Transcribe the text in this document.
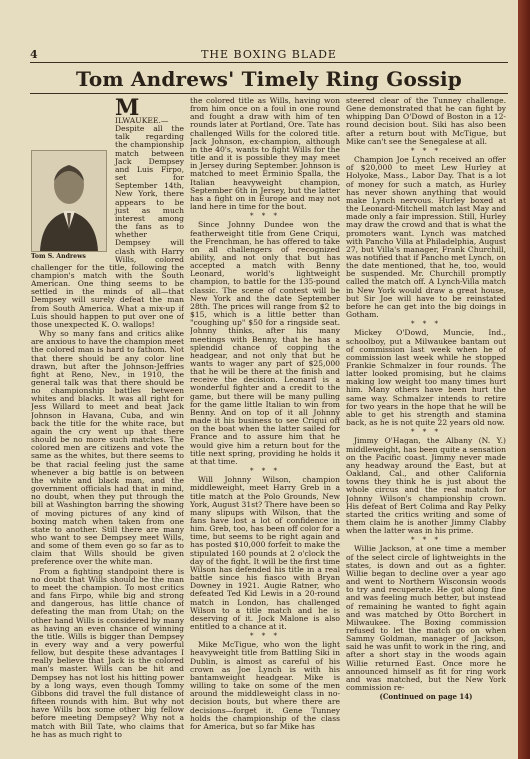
4	THE BOXING BLADE
Tom Andrews' Timely Ring Gossip

M
ILWAUKEE.—Despite all the talk regarding the championship match between Jack Dempsey and Luis Firpo, set for September 14th, New York, there appears to be just as much interest among the fans as to whether Dempsey will clash with Harry Wills, colored challenger for the title, following the champion's match with the South American. One thing seems to be settled in the minds of all—that Dempsey will surely defeat the man from South America. What a mix-up if Luis should happen to put over one of those unexpected K. O. wallops!

Why so many fans and critics alike are anxious to have the champion meet the colored man is hard to fathom. Not that there should be any color line drawn, but after the Johnson-Jeffries fight at Reno, Nev., in 1910, the general talk was that there should be no championship battles between whites and blacks. It was all right for Jess Willard to meet and beat Jack Johnson in Havana, Cuba, and win back the title for the white race, but again the cry went up that there should be no more such matches. The colored men are citizens and vote the same as the whites, but there seems to be that racial feeling just the same whenever a big battle is on between the white and black man, and the government officials had that in mind, no doubt, when they put through the bill at Washington barring the showing of moving pictures of any kind of boxing match when taken from one state to another. Still there are many who want to see Dempsey meet Wills, and some of them even go so far as to claim that Wills should be given preference over the white man.

From a fighting standpoint there is no doubt that Wills should be the man to meet the champion. To most critics and fans Firpo, while big and strong and dangerous, has little chance of defeating the man from Utah; on the other hand Wills is considered by many as having an even chance of winning the title. Wills is bigger than Dempsey in every way and a very powerful fellow, but despite these advantages I really believe that Jack is the colored man's master. Wills can be hit and Dempsey has not lost his hitting power by a long ways, even though Tommy Gibbons did travel the full distance of fifteen rounds with him. But why not have Wills box some other big fellow before meeting Dempsey? Why not a match with Bill Tate, who claims that he has as much right to

the colored title as Wills, having won from him once on a foul in one round and fought a draw with him of ten rounds later at Portland, Ore. Tate has challenged Wills for the colored title. Jack Johnson, ex-champion, although in the 40's, wants to fight Wills for the title and it is possible they may meet in Jersey during September. Johnson is matched to meet Erminio Spalla, the Italian heavyweight champion, September 6th in Jersey, but the latter has a fight on in Europe and may not land here in time for the bout.

* * *

Since Johnny Dundee won the featherweight title from Gene Criqui, the Frenchman, he has offered to take on all challengers of recognized ability, and not only that but has accepted a match with Benny Leonard, world's lightweight champion, to battle for the 135-pound classic. The scene of contest will be New York and the date September 28th. The prices will range from $2 to $15, which is a little better than "coughing up" $50 for a ringside seat. Johnny thinks, after his many meetings with Benny, that he has a splendid chance of copping the headgear, and not only that but he wants to wager any part of $25,000 that he will be there at the finish and receive the decision. Leonard is a wonderful fighter and a credit to the game, but there will be many pulling for the game little Italian to win from Benny. And on top of it all Johnny made it his business to see Criqui off on the boat when the latter sailed for France and to assure him that he would give him a return bout for the title next spring, providing he holds it at that time.

* * *

Will Johnny Wilson, champion middleweight, meet Harry Greb in a title match at the Polo Grounds, New York, August 31st? There have been so many slipups with Wilson, that the fans have lost a lot of confidence in him. Greb, too, has been off color for a time, but seems to be right again and has posted $10,000 forfeit to make the stipulated 160 pounds at 2 o'clock the day of the fight. It will be the first time Wilson has defended his title in a real battle since his fiasco with Bryan Downey in 1921. Augie Ratner, who defeated Ted Kid Lewis in a 20-round match in London, has challenged Wilson to a title match and he is deserving of it. Jock Malone is also entitled to a chance at it.

* * *

Mike McTigue, who won the light heavyweight title from Battling Siki in Dublin, is almost as careful of his crown as Joe Lynch is with his bantamweight headgear. Mike is willing to take on some of the men around the middleweight class in no-decision bouts, but where there are decisions—forget it. Gene Tunney holds the championship of the class for America, but so far Mike has

steered clear of the Tunney challenge. Gene demonstrated that he can fight by whipping Dan O'Dowd of Boston in a 12-round decision bout. Siki has also been after a return bout with McTigue, but Mike can't see the Senegalese at all.

* * *

Champion Joe Lynch received an offer of $20,000 to meet Lew Hurley at Holyoke, Mass., Labor Day. That is a lot of money for such a match, as Hurley has never shown anything that would make Lynch nervous. Hurley boxed at the Leonard-Mitchell match last May and made only a fair impression. Still, Hurley may draw the crowd and that is what the promoters want. Lynch was matched with Pancho Villa at Philadelphia, August 27, but Villa's manager, Frank Churchill, was notified that if Pancho met Lynch, on the date mentioned, that he, too, would be suspended. Mr. Churchill promptly called the match off. A Lynch-Villa match in New York would draw a great house, but Sir Joe will have to be reinstated before he can get into the big doings in Gotham.

* * *

Mickey O'Dowd, Muncie, Ind., schoolboy, put a Milwaukee bantam out of commission last week when he of commission last week while he stopped Frankie Schmalzer in four rounds. The latter looked promising, but he claims making low weight too many times hurt him. Many others have been hurt the same way. Schmalzer intends to retire for two years in the hope that he will be able to get his strength and stamina back, as he is not quite 22 years old now.

* * *

Jimmy O'Hagan, the Albany (N. Y.) middleweight, has been quite a sensation on the Pacific coast. Jimmy never made any headway around the East, but at Oakland, Cal., and other California towns they think he is just about the whole circus and the real match for Johnny Wilson's championship crown. His defeat of Bert Colima and Ray Pelky started the critics writing and some of them claim he is another Jimmy Clabby when the latter was in his prime.

* * *

Willie Jackson, at one time a member of the select circle of lightweights in the states, is down and out as a fighter. Willie began to decline over a year ago and went to Northern Wisconsin woods to try and recuperate. He got along fine and was feeling much better, but instead of remaining he wanted to fight again and was matched by Otto Borchert in Milwaukee. The Boxing commission refused to let the match go on when Sammy Goldman, manager of Jackson, said he was unfit to work in the ring, and after a short stay in the woods again Willie returned East. Once more he announced himself as fit for ring work and was matched, but the New York commission re-

(Continued on page 14)

Tom S. Andrews
